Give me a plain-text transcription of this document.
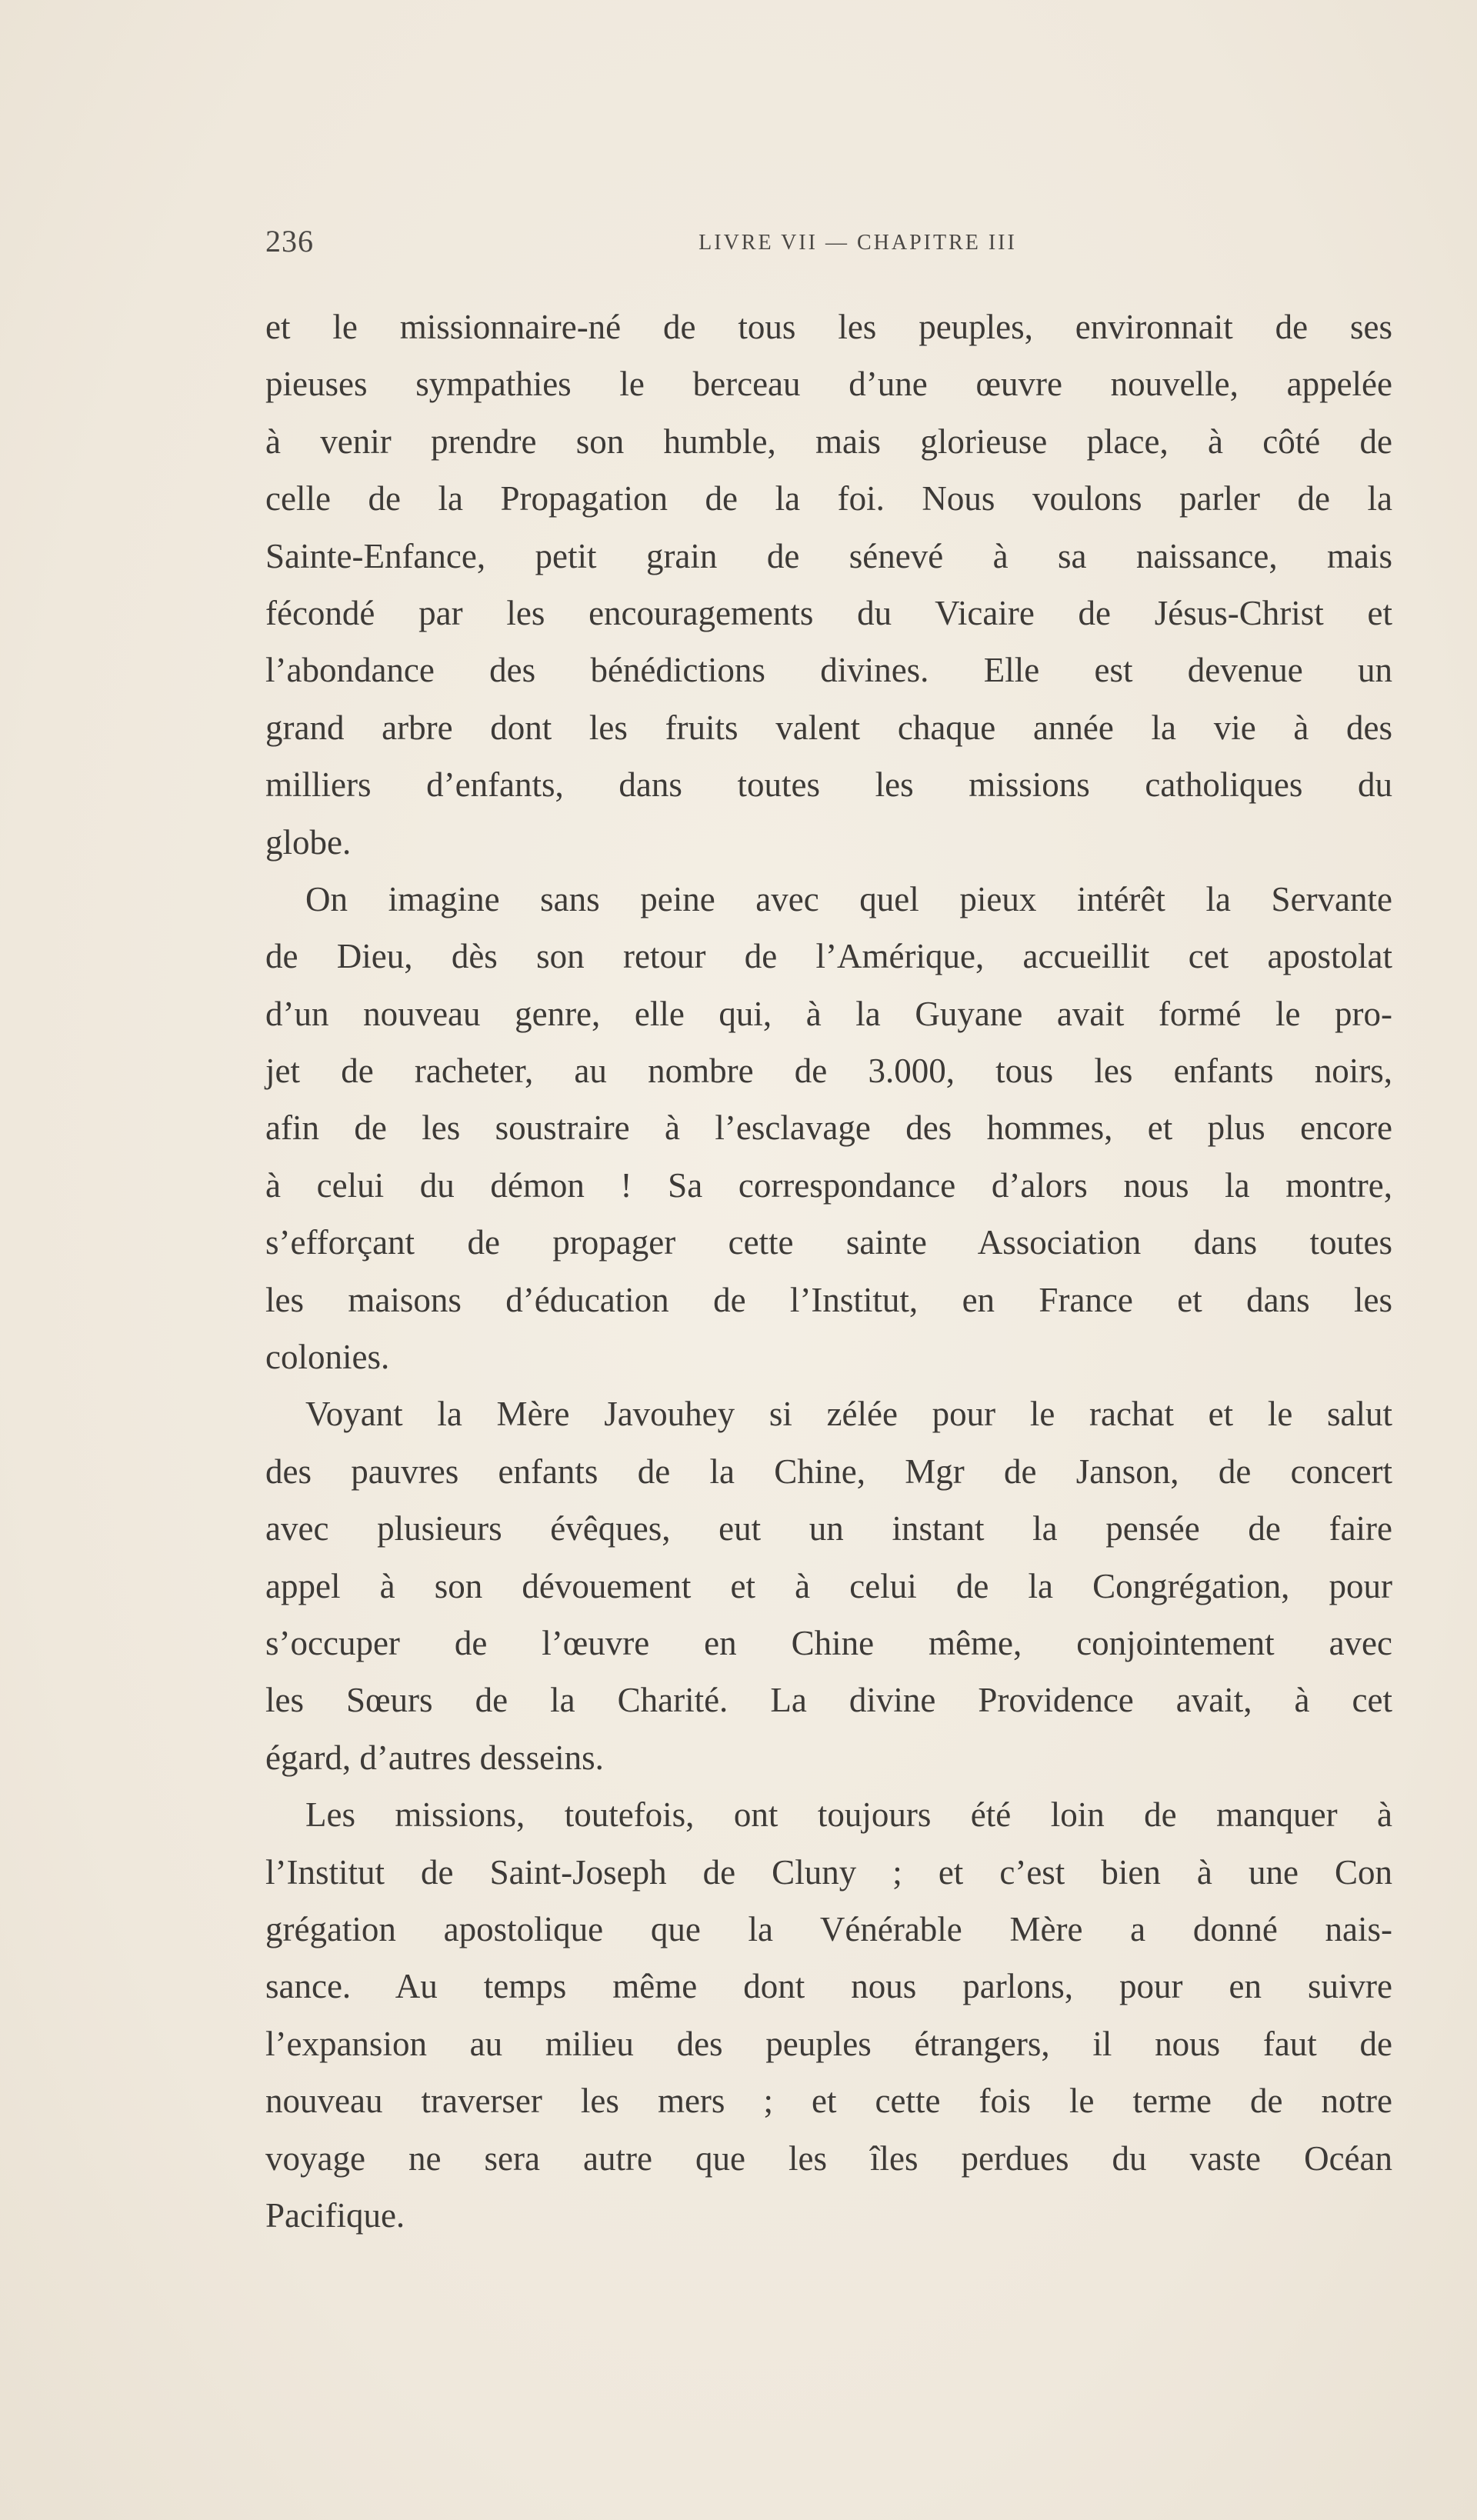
236	LIVRE VII — CHAPITRE III
et le missionnaire-né de tous les peuples, environnait de ses
pieuses sympathies le berceau d’une œuvre nouvelle, appelée
à venir prendre son humble, mais glorieuse place, à côté de
celle de la Propagation de la foi. Nous voulons parler de la
Sainte-Enfance, petit grain de sénevé à sa naissance, mais
fécondé par les encouragements du Vicaire de Jésus-Christ et
l’abondance des bénédictions divines. Elle est devenue un
grand arbre dont les fruits valent chaque année la vie à des
milliers d’enfants, dans toutes les missions catholiques du
globe.
On imagine sans peine avec quel pieux intérêt la Servante
de Dieu, dès son retour de l’Amérique, accueillit cet apostolat
d’un nouveau genre, elle qui, à la Guyane avait formé le pro-
jet de racheter, au nombre de 3.000, tous les enfants noirs,
afin de les soustraire à l’esclavage des hommes, et plus encore
à celui du démon ! Sa correspondance d’alors nous la montre,
s’efforçant de propager cette sainte Association dans toutes
les maisons d’éducation de l’Institut, en France et dans les
colonies.
Voyant la Mère Javouhey si zélée pour le rachat et le salut
des pauvres enfants de la Chine, Mgr de Janson, de concert
avec plusieurs évêques, eut un instant la pensée de faire
appel à son dévouement et à celui de la Congrégation, pour
s’occuper de l’œuvre en Chine même, conjointement avec
les Sœurs de la Charité. La divine Providence avait, à cet
égard, d’autres desseins.
Les missions, toutefois, ont toujours été loin de manquer à
l’Institut de Saint-Joseph de Cluny ; et c’est bien à une Con
grégation apostolique que la Vénérable Mère a donné nais-
sance. Au temps même dont nous parlons, pour en suivre
l’expansion au milieu des peuples étrangers, il nous faut de
nouveau traverser les mers ; et cette fois le terme de notre
voyage ne sera autre que les îles perdues du vaste Océan
Pacifique.
